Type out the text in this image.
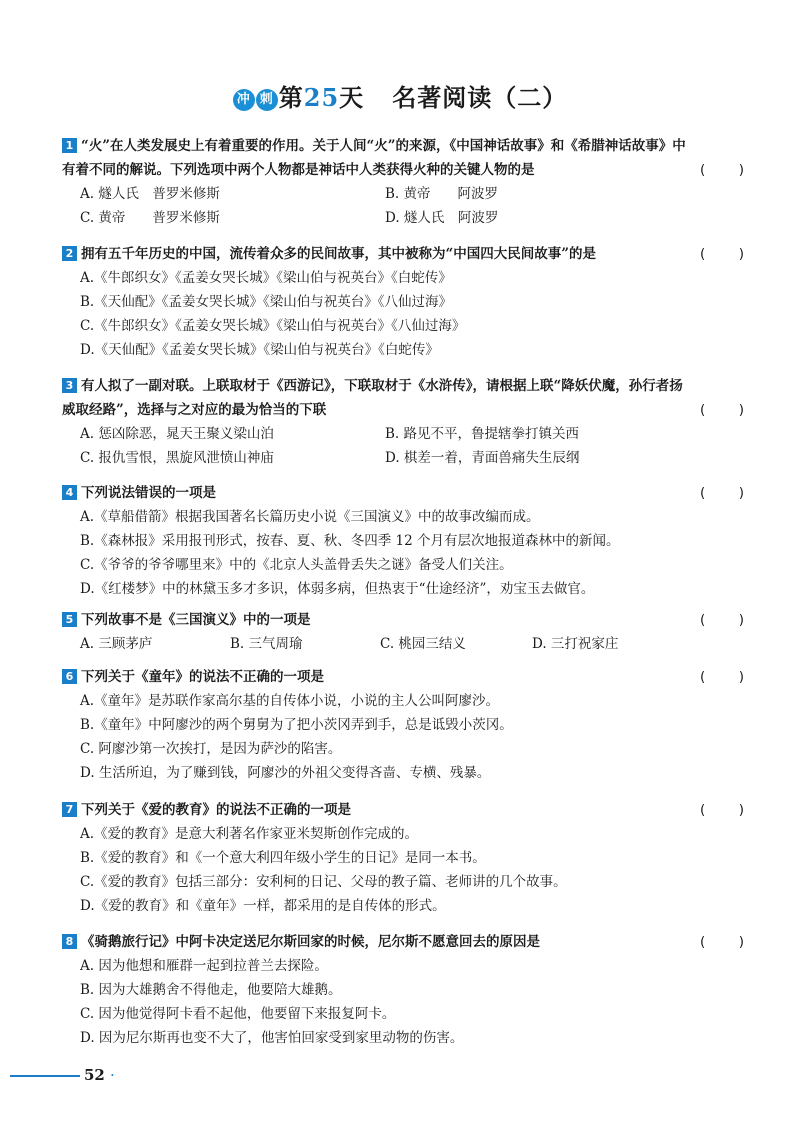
冲 刺 第25天 名著阅读（二）
1 “火”在人类发展史上有着重要的作用。关于人间“火”的来源，《中国神话故事》和《希腊神话故事》中有着不同的解说。下列选项中两个人物都是神话中人类获得火种的关键人物的是	( )
A. 燧人氏　普罗米修斯	B. 黄帝　　阿波罗
C. 黄帝　　普罗米修斯	D. 燧人氏　阿波罗
2 拥有五千年历史的中国，流传着众多的民间故事，其中被称为“中国四大民间故事”的是	( )
A.《牛郎织女》《孟姜女哭长城》《梁山伯与祝英台》《白蛇传》
B.《天仙配》《孟姜女哭长城》《梁山伯与祝英台》《八仙过海》
C.《牛郎织女》《孟姜女哭长城》《梁山伯与祝英台》《八仙过海》
D.《天仙配》《孟姜女哭长城》《梁山伯与祝英台》《白蛇传》
3 有人拟了一副对联。上联取材于《西游记》，下联取材于《水浒传》，请根据上联“降妖伏魔，孙行者扬威取经路”，选择与之对应的最为恰当的下联	( )
A. 惩凶除恶，晁天王聚义梁山泊	B. 路见不平，鲁提辖拳打镇关西
C. 报仇雪恨，黑旋风泄愤山神庙	D. 棋差一着，青面兽痛失生辰纲
4 下列说法错误的一项是	( )
A.《草船借箭》根据我国著名长篇历史小说《三国演义》中的故事改编而成。
B.《森林报》采用报刊形式，按春、夏、秋、冬四季 12 个月有层次地报道森林中的新闻。
C.《爷爷的爷爷哪里来》中的《北京人头盖骨丢失之谜》备受人们关注。
D.《红楼梦》中的林黛玉多才多识，体弱多病，但热衷于“仕途经济”，劝宝玉去做官。
5 下列故事不是《三国演义》中的一项是	( )
A. 三顾茅庐	B. 三气周瑜	C. 桃园三结义	D. 三打祝家庄
6 下列关于《童年》的说法不正确的一项是	( )
A.《童年》是苏联作家高尔基的自传体小说，小说的主人公叫阿廖沙。
B.《童年》中阿廖沙的两个舅舅为了把小茨冈弄到手，总是诋毁小茨冈。
C. 阿廖沙第一次挨打，是因为萨沙的陷害。
D. 生活所迫，为了赚到钱，阿廖沙的外祖父变得吝啬、专横、残暴。
7 下列关于《爱的教育》的说法不正确的一项是	( )
A.《爱的教育》是意大利著名作家亚米契斯创作完成的。
B.《爱的教育》和《一个意大利四年级小学生的日记》是同一本书。
C.《爱的教育》包括三部分：安利柯的日记、父母的教子篇、老师讲的几个故事。
D.《爱的教育》和《童年》一样，都采用的是自传体的形式。
8 《骑鹅旅行记》中阿卡决定送尼尔斯回家的时候，尼尔斯不愿意回去的原因是	( )
A. 因为他想和雁群一起到拉普兰去探险。
B. 因为大雄鹅舍不得他走，他要陪大雄鹅。
C. 因为他觉得阿卡看不起他，他要留下来报复阿卡。
D. 因为尼尔斯再也变不大了，他害怕回家受到家里动物的伤害。
52 ·
